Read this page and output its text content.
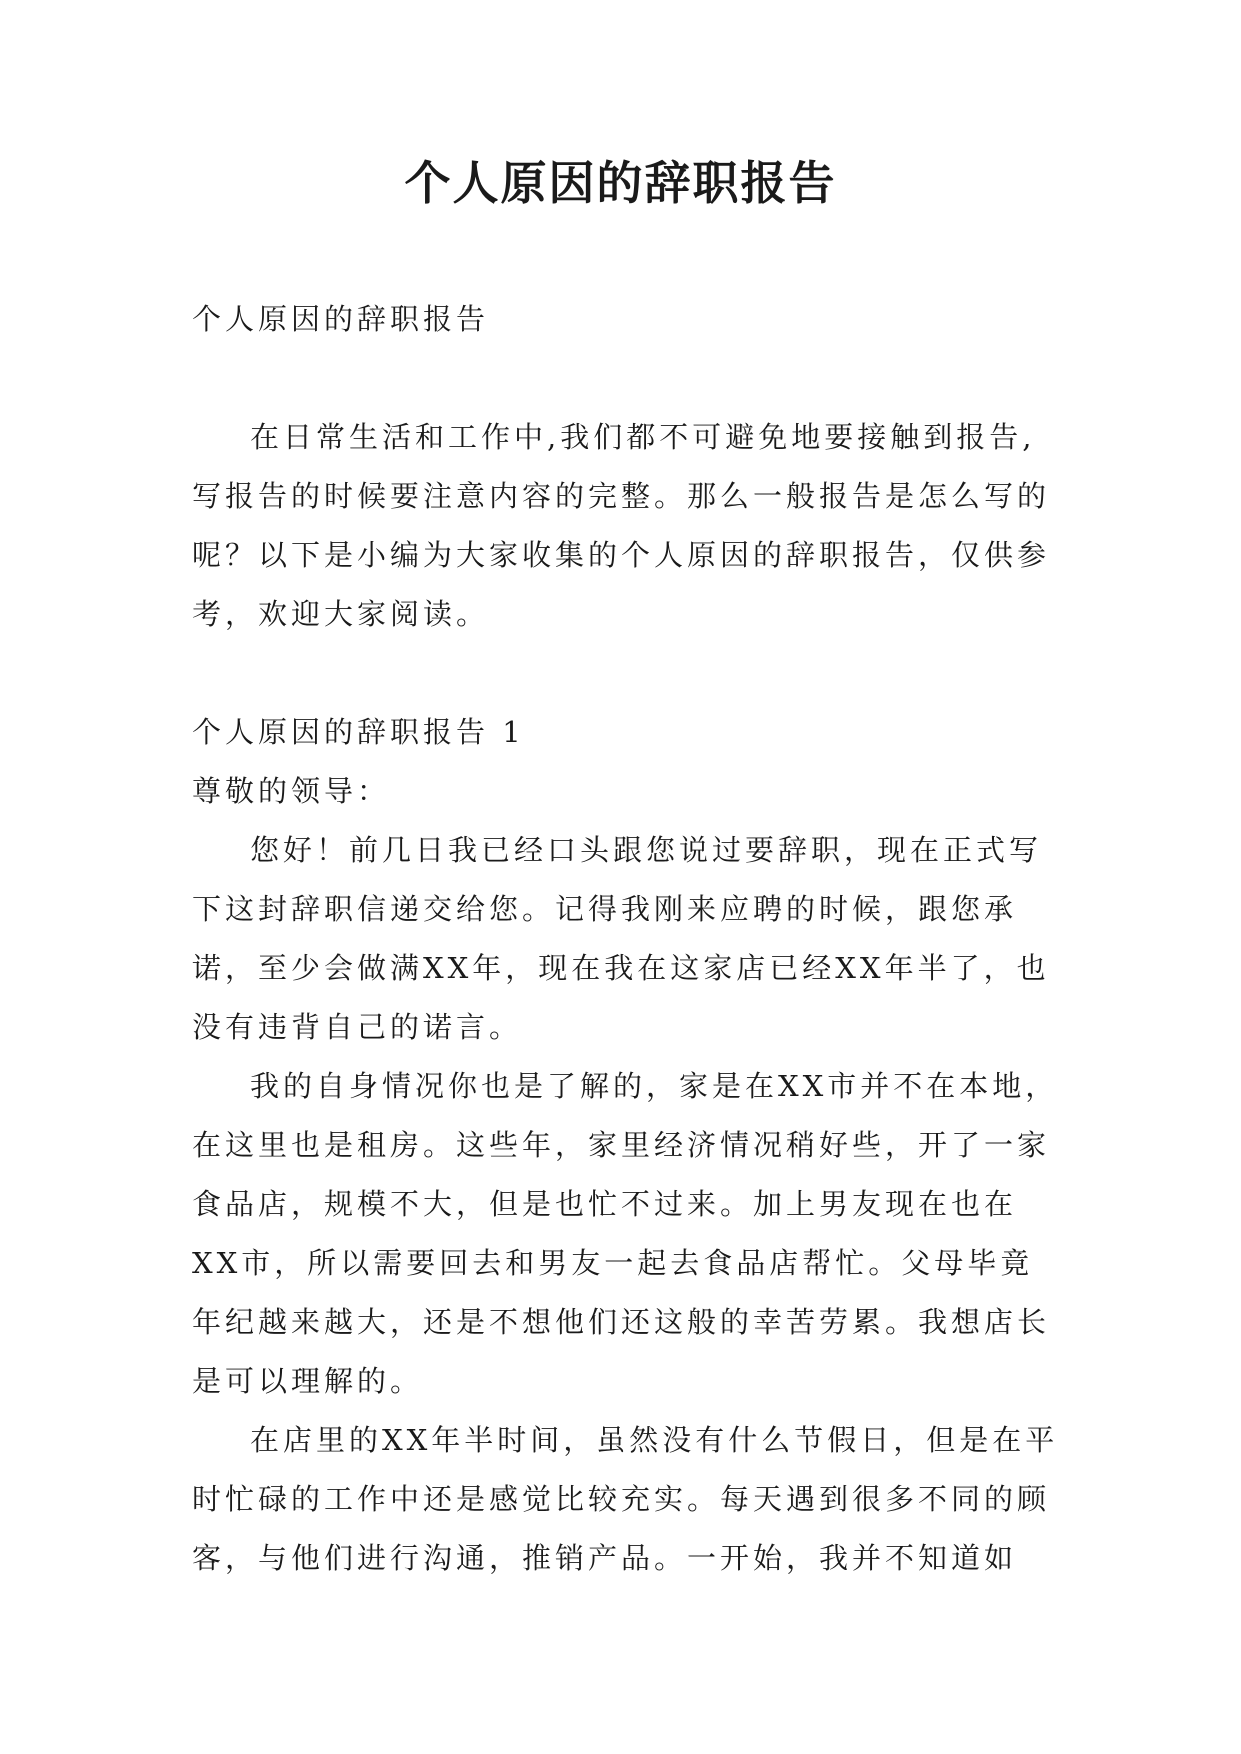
个人原因的辞职报告

个人原因的辞职报告

在日常生活和工作中,我们都不可避免地要接触到报告,写报告的时候要注意内容的完整。那么一般报告是怎么写的呢？以下是小编为大家收集的个人原因的辞职报告，仅供参考，欢迎大家阅读。

个人原因的辞职报告 1

尊敬的领导：

您好！前几日我已经口头跟您说过要辞职，现在正式写下这封辞职信递交给您。记得我刚来应聘的时候，跟您承诺，至少会做满XX年，现在我在这家店已经XX年半了，也没有违背自己的诺言。

我的自身情况你也是了解的，家是在XX市并不在本地，在这里也是租房。这些年，家里经济情况稍好些，开了一家食品店，规模不大，但是也忙不过来。加上男友现在也在XX市，所以需要回去和男友一起去食品店帮忙。父母毕竟年纪越来越大，还是不想他们还这般的幸苦劳累。我想店长是可以理解的。

在店里的XX年半时间，虽然没有什么节假日，但是在平时忙碌的工作中还是感觉比较充实。每天遇到很多不同的顾客，与他们进行沟通，推销产品。一开始，我并不知道如
